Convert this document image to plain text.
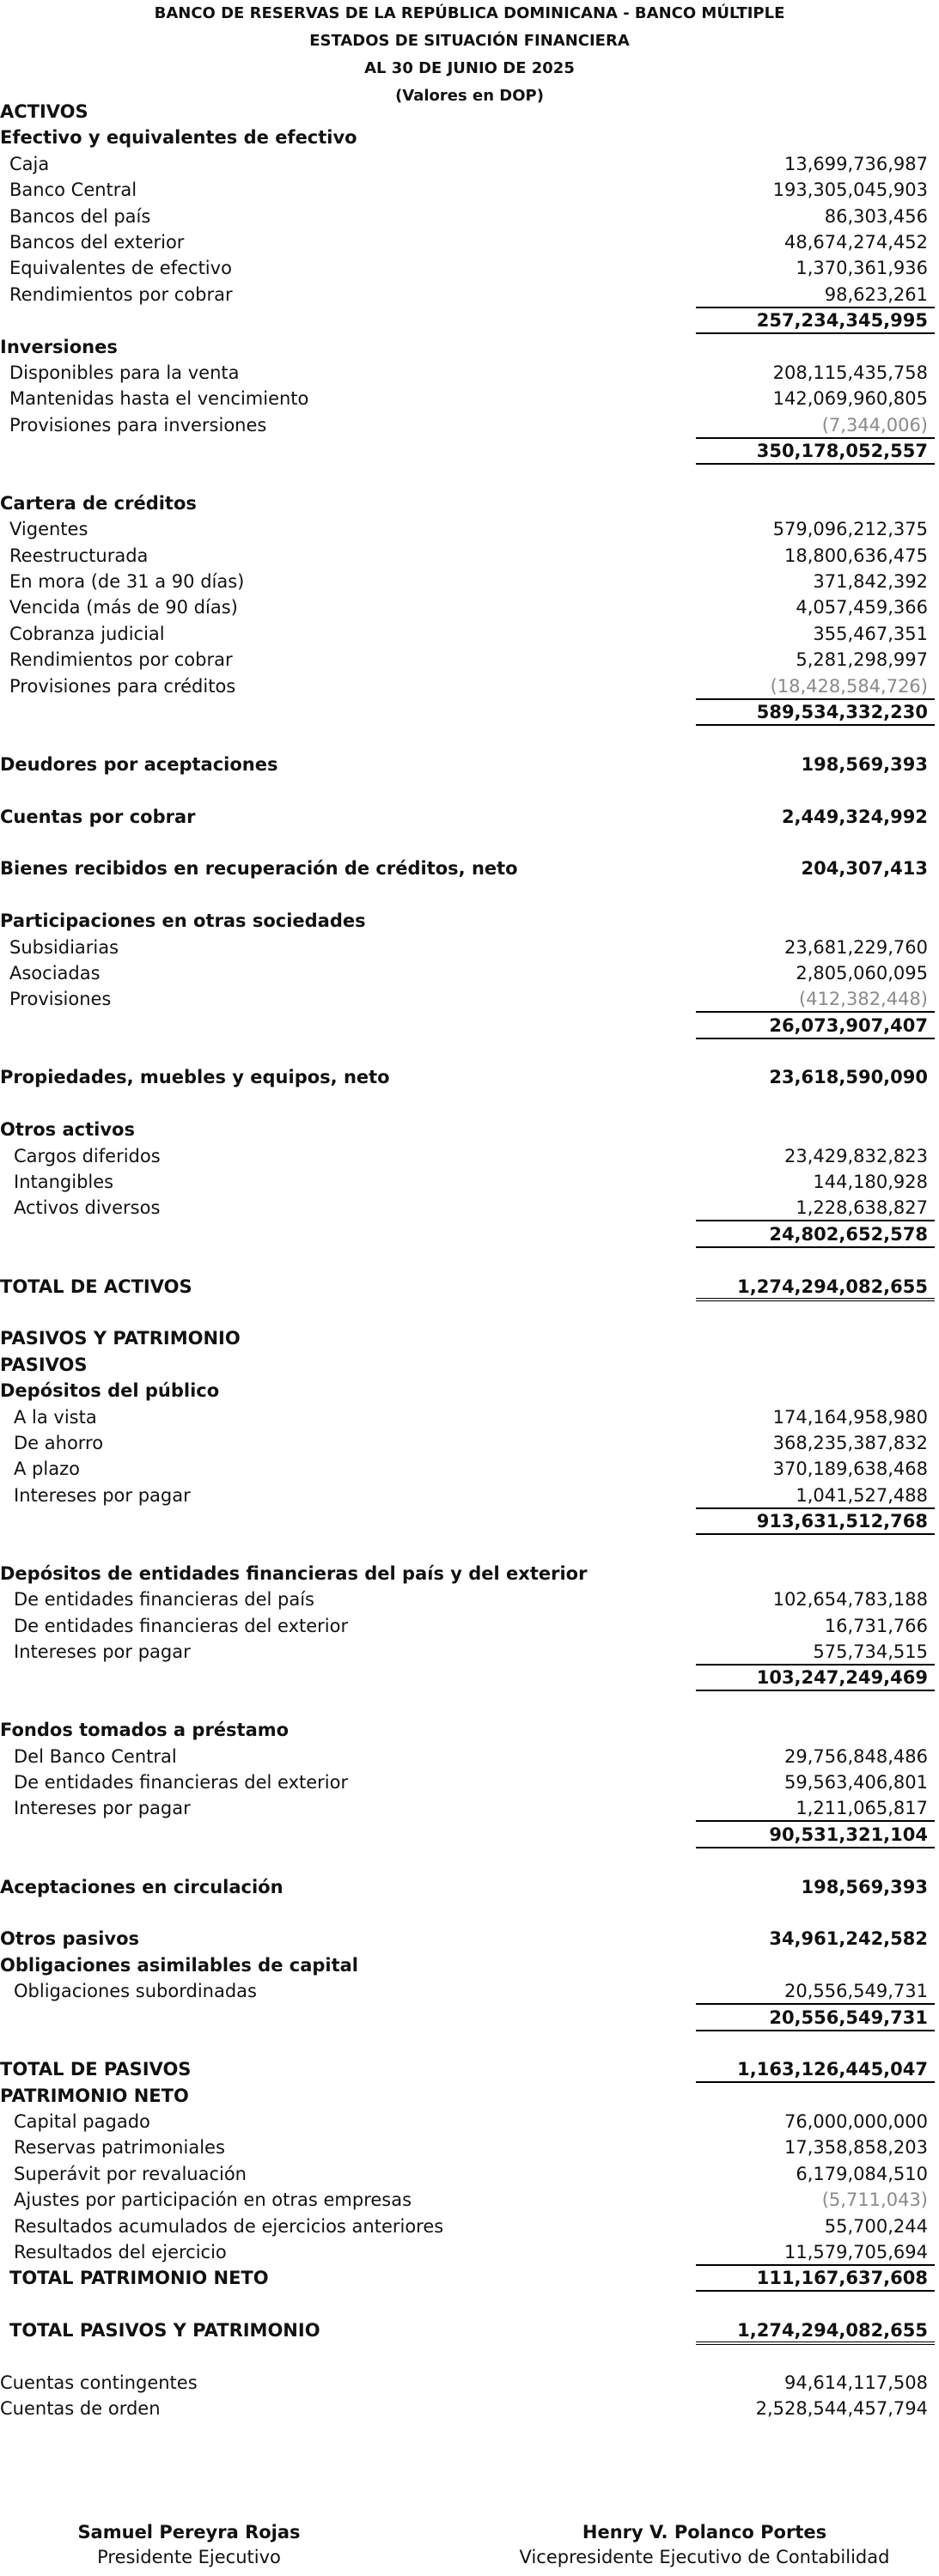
BANCO DE RESERVAS DE LA REPÚBLICA DOMINICANA - BANCO MÚLTIPLE
ESTADOS DE SITUACIÓN FINANCIERA
AL 30 DE JUNIO DE 2025
(Valores en DOP)
ACTIVOS
Efectivo y equivalentes de efectivo
Caja	13,699,736,987
Banco Central	193,305,045,903
Bancos del país	86,303,456
Bancos del exterior	48,674,274,452
Equivalentes de efectivo	1,370,361,936
Rendimientos por cobrar	98,623,261
257,234,345,995
Inversiones
Disponibles para la venta	208,115,435,758
Mantenidas hasta el vencimiento	142,069,960,805
Provisiones para inversiones	(7,344,006)
350,178,052,557
Cartera de créditos
Vigentes	579,096,212,375
Reestructurada	18,800,636,475
En mora (de 31 a 90 días)	371,842,392
Vencida (más de 90 días)	4,057,459,366
Cobranza judicial	355,467,351
Rendimientos por cobrar	5,281,298,997
Provisiones para créditos	(18,428,584,726)
589,534,332,230
Deudores por aceptaciones	198,569,393
Cuentas por cobrar	2,449,324,992
Bienes recibidos en recuperación de créditos, neto	204,307,413
Participaciones en otras sociedades
Subsidiarias	23,681,229,760
Asociadas	2,805,060,095
Provisiones	(412,382,448)
26,073,907,407
Propiedades, muebles y equipos, neto	23,618,590,090
Otros activos
Cargos diferidos	23,429,832,823
Intangibles	144,180,928
Activos diversos	1,228,638,827
24,802,652,578
TOTAL DE ACTIVOS	1,274,294,082,655
PASIVOS Y PATRIMONIO
PASIVOS
Depósitos del público
A la vista	174,164,958,980
De ahorro	368,235,387,832
A plazo	370,189,638,468
Intereses por pagar	1,041,527,488
913,631,512,768
Depósitos de entidades financieras del país y del exterior
De entidades financieras del país	102,654,783,188
De entidades financieras del exterior	16,731,766
Intereses por pagar	575,734,515
103,247,249,469
Fondos tomados a préstamo
Del Banco Central	29,756,848,486
De entidades financieras del exterior	59,563,406,801
Intereses por pagar	1,211,065,817
90,531,321,104
Aceptaciones en circulación	198,569,393
Otros pasivos	34,961,242,582
Obligaciones asimilables de capital
Obligaciones subordinadas	20,556,549,731
20,556,549,731
TOTAL DE PASIVOS	1,163,126,445,047
PATRIMONIO NETO
Capital pagado	76,000,000,000
Reservas patrimoniales	17,358,858,203
Superávit por revaluación	6,179,084,510
Ajustes por participación en otras empresas	(5,711,043)
Resultados acumulados de ejercicios anteriores	55,700,244
Resultados del ejercicio	11,579,705,694
TOTAL PATRIMONIO NETO	111,167,637,608
TOTAL PASIVOS Y PATRIMONIO	1,274,294,082,655
Cuentas contingentes	94,614,117,508
Cuentas de orden	2,528,544,457,794
Samuel Pereyra Rojas
Presidente Ejecutivo
Henry V. Polanco Portes
Vicepresidente Ejecutivo de Contabilidad
